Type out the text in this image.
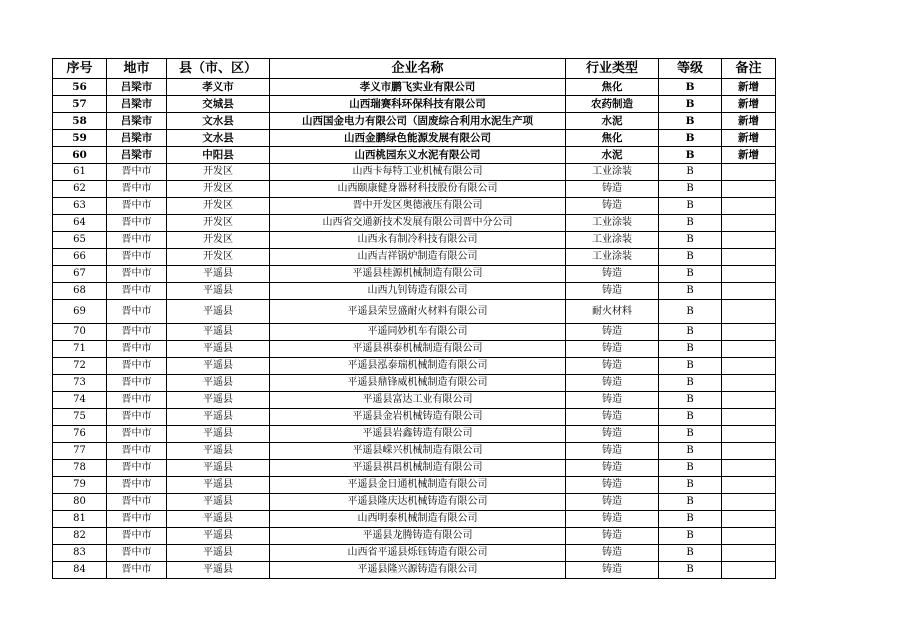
序号	地市	县（市、区）	企业名称	行业类型	等级	备注
56	吕梁市	孝义市	孝义市鹏飞实业有限公司	焦化	B	新增
57	吕梁市	交城县	山西瑞赛科环保科技有限公司	农药制造	B	新增
58	吕梁市	文水县	山西国金电力有限公司（固废综合利用水泥生产项	水泥	B	新增
59	吕梁市	文水县	山西金鹏绿色能源发展有限公司	焦化	B	新增
60	吕梁市	中阳县	山西桃园东义水泥有限公司	水泥	B	新增
61	晋中市	开发区	山西卡每特工业机械有限公司	工业涂装	B	
62	晋中市	开发区	山西颐康健身器材科技股份有限公司	铸造	B	
63	晋中市	开发区	晋中开发区奥德液压有限公司	铸造	B	
64	晋中市	开发区	山西省交通新技术发展有限公司晋中分公司	工业涂装	B	
65	晋中市	开发区	山西永有制冷科技有限公司	工业涂装	B	
66	晋中市	开发区	山西吉祥锅炉制造有限公司	工业涂装	B	
67	晋中市	平遥县	平遥县桂源机械制造有限公司	铸造	B	
68	晋中市	平遥县	山西九钊铸造有限公司	铸造	B	
69	晋中市	平遥县	平遥县荣昱盛耐火材料有限公司	耐火材料	B	
70	晋中市	平遥县	平遥同妙机车有限公司	铸造	B	
71	晋中市	平遥县	平遥县祺泰机械制造有限公司	铸造	B	
72	晋中市	平遥县	平遥县泓泰瑞机械制造有限公司	铸造	B	
73	晋中市	平遥县	平遥县鼎锋威机械制造有限公司	铸造	B	
74	晋中市	平遥县	平遥县富达工业有限公司	铸造	B	
75	晋中市	平遥县	平遥县金岩机械铸造有限公司	铸造	B	
76	晋中市	平遥县	平遥县岩鑫铸造有限公司	铸造	B	
77	晋中市	平遥县	平遥县嵘兴机械制造有限公司	铸造	B	
78	晋中市	平遥县	平遥县祺昌机械制造有限公司	铸造	B	
79	晋中市	平遥县	平遥县金日通机械制造有限公司	铸造	B	
80	晋中市	平遥县	平遥县隆庆达机械铸造有限公司	铸造	B	
81	晋中市	平遥县	山西明泰机械制造有限公司	铸造	B	
82	晋中市	平遥县	平遥县龙腾铸造有限公司	铸造	B	
83	晋中市	平遥县	山西省平遥县烁钰铸造有限公司	铸造	B	
84	晋中市	平遥县	平遥县隆兴源铸造有限公司	铸造	B	
